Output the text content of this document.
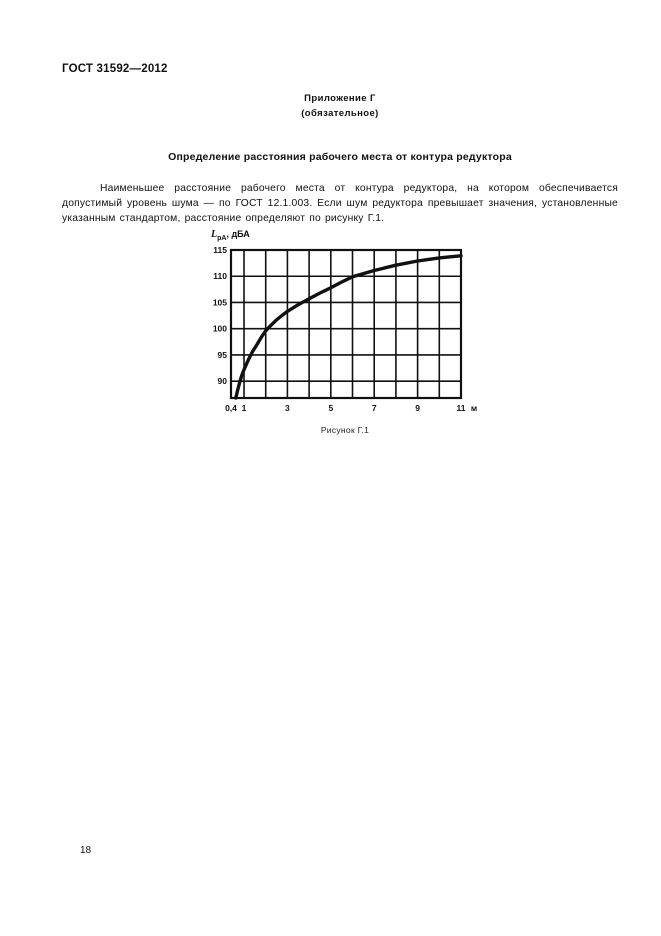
ГОСТ 31592—2012
Приложение Г
(обязательное)
Определение расстояния рабочего места от контура редуктора

Наименьшее расстояние рабочего места от контура редуктора, на котором обеспечивается допустимый уровень шума — по ГОСТ 12.1.003. Если шум редуктора превышает значения, установленные указанным стандартом, расстояние определяют по рисунку Г.1.

$L_{pA}$, дБА
115
110
105
100
95
90
0,4 1	3	5	7	9	11 м
Рисунок Г.1
18
